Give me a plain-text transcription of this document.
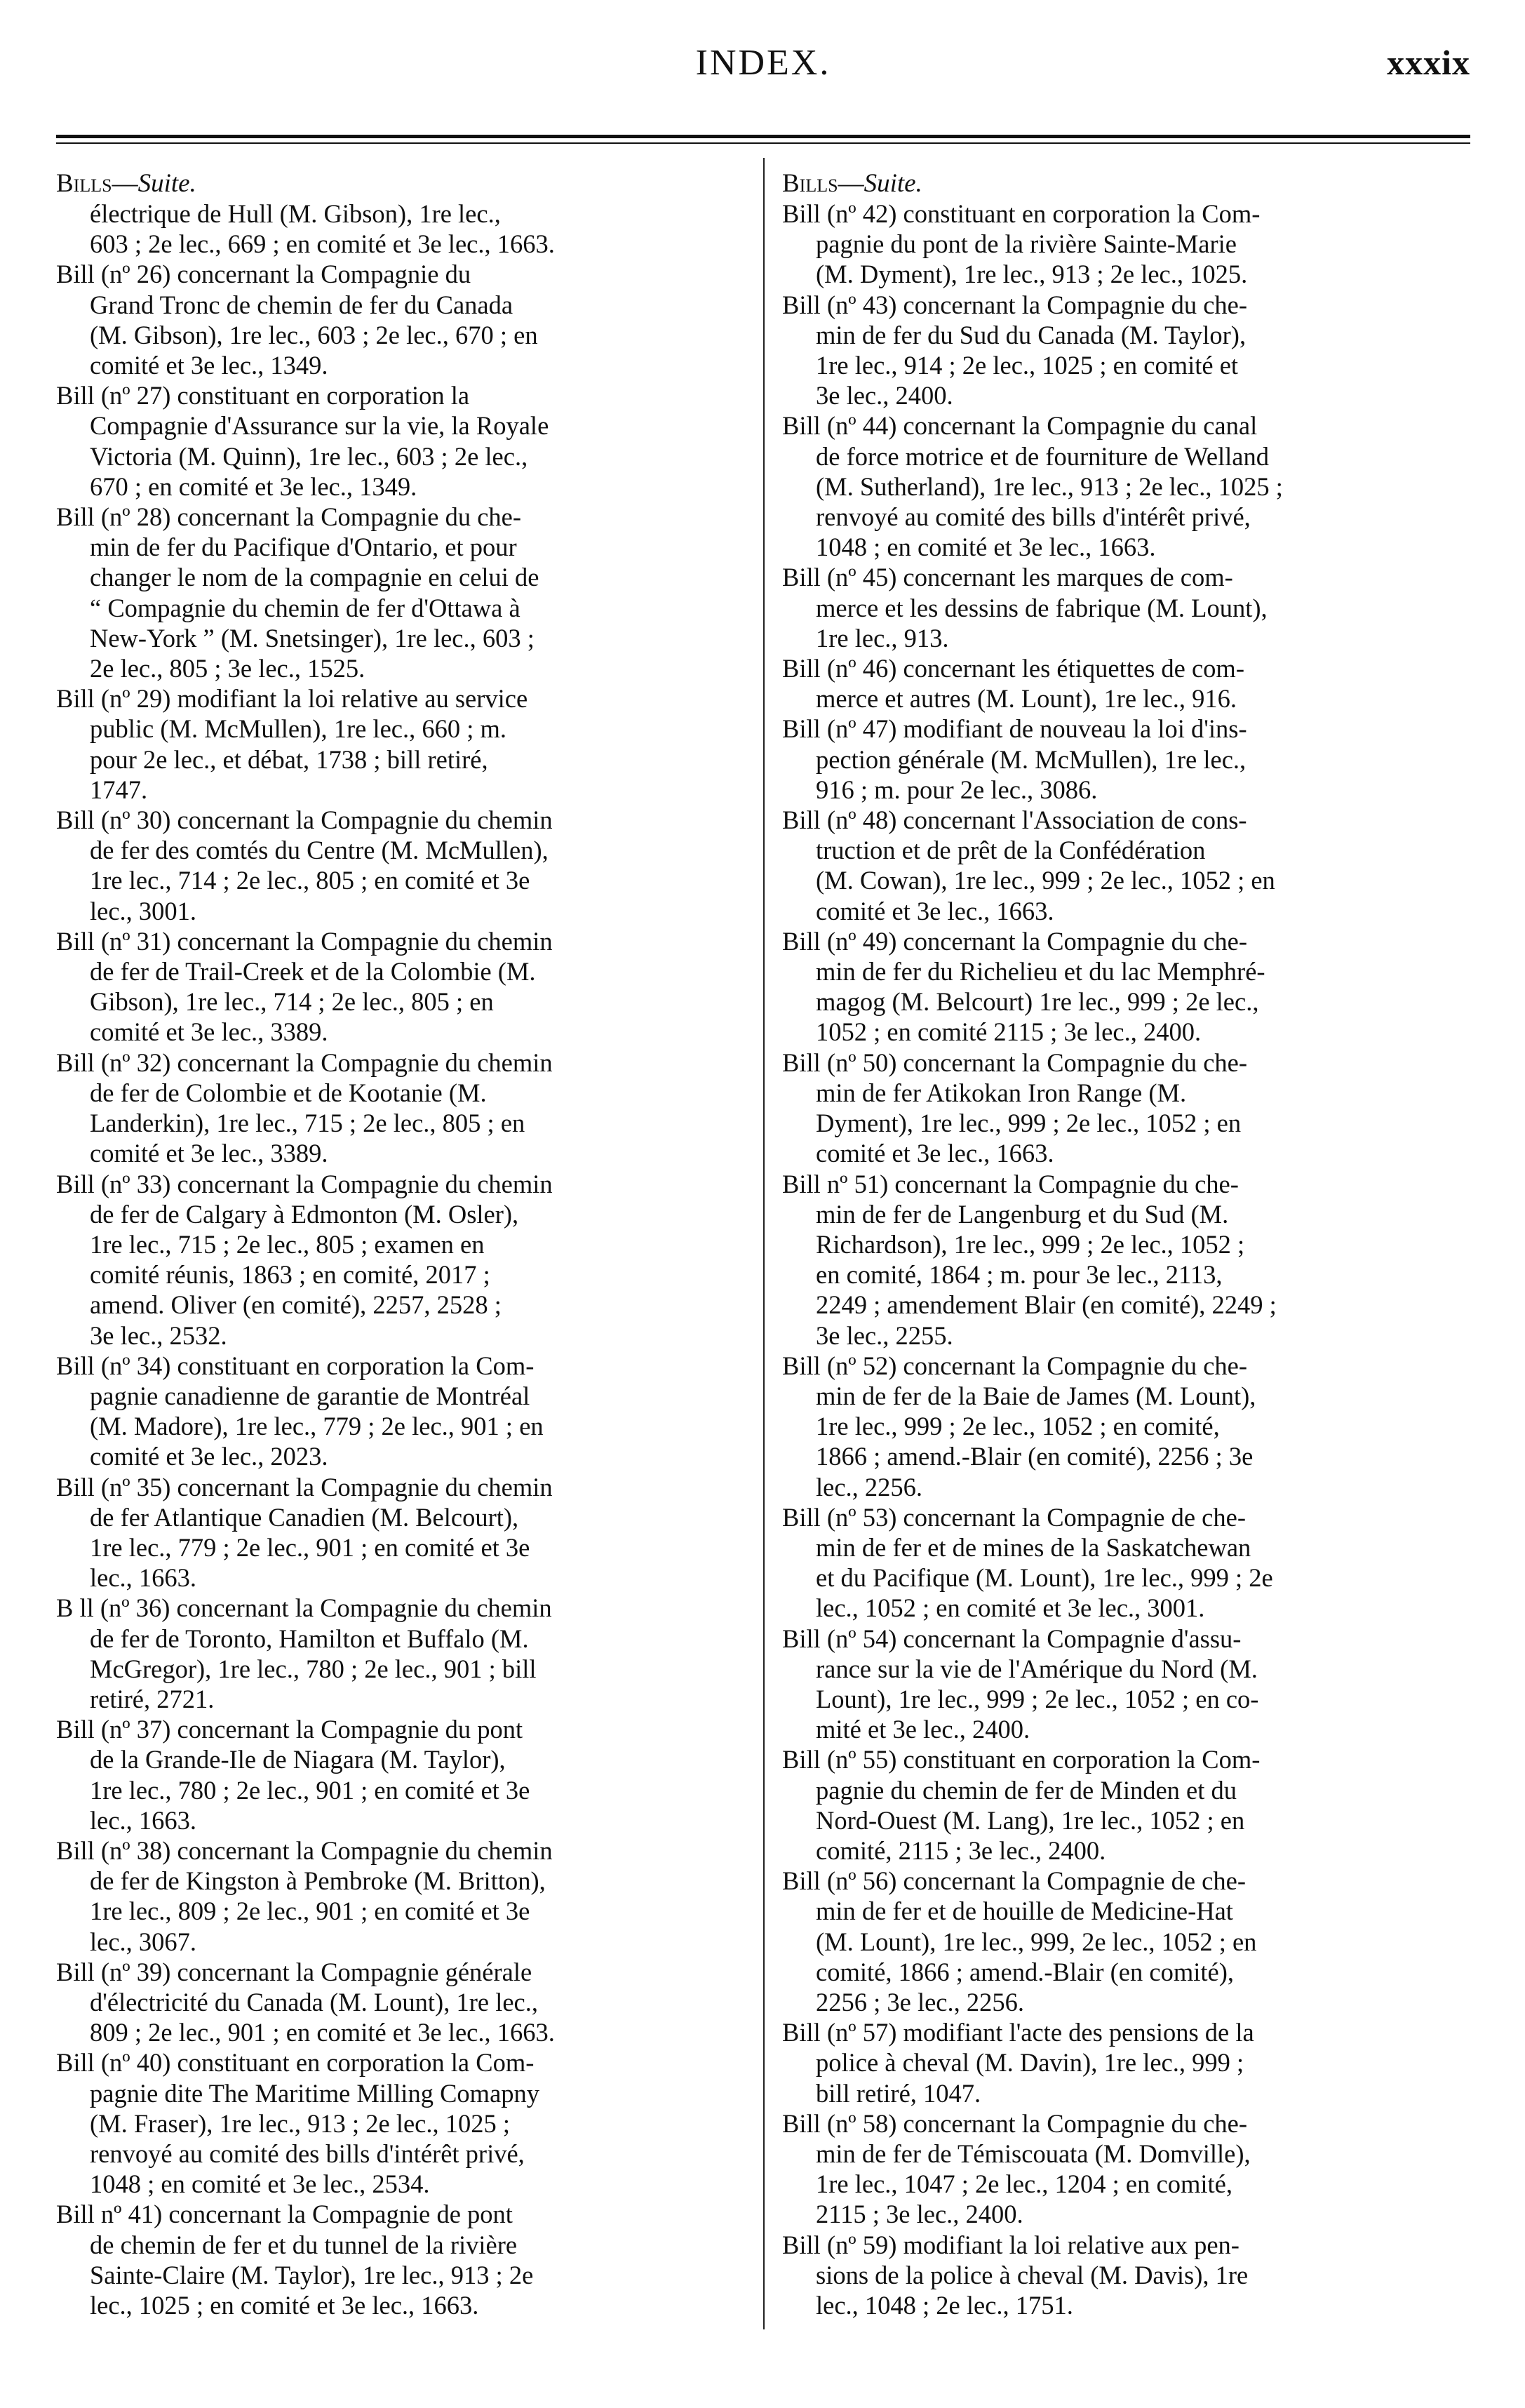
INDEX.	xxxix
Bills—Suite.
électrique de Hull (M. Gibson), 1re lec.,
603 ; 2e lec., 669 ; en comité et 3e lec., 1663.
Bill (nº 26) concernant la Compagnie du
Grand Tronc de chemin de fer du Canada
(M. Gibson), 1re lec., 603 ; 2e lec., 670 ; en
comité et 3e lec., 1349.
Bill (nº 27) constituant en corporation la
Compagnie d'Assurance sur la vie, la Royale
Victoria (M. Quinn), 1re lec., 603 ; 2e lec.,
670 ; en comité et 3e lec., 1349.
Bill (nº 28) concernant la Compagnie du che-
min de fer du Pacifique d'Ontario, et pour
changer le nom de la compagnie en celui de
“ Compagnie du chemin de fer d'Ottawa à
New-York ” (M. Snetsinger), 1re lec., 603 ;
2e lec., 805 ; 3e lec., 1525.
Bill (nº 29) modifiant la loi relative au service
public (M. McMullen), 1re lec., 660 ; m.
pour 2e lec., et débat, 1738 ; bill retiré,
1747.
Bill (nº 30) concernant la Compagnie du chemin
de fer des comtés du Centre (M. McMullen),
1re lec., 714 ; 2e lec., 805 ; en comité et 3e
lec., 3001.
Bill (nº 31) concernant la Compagnie du chemin
de fer de Trail-Creek et de la Colombie (M.
Gibson), 1re lec., 714 ; 2e lec., 805 ; en
comité et 3e lec., 3389.
Bill (nº 32) concernant la Compagnie du chemin
de fer de Colombie et de Kootanie (M.
Landerkin), 1re lec., 715 ; 2e lec., 805 ; en
comité et 3e lec., 3389.
Bill (nº 33) concernant la Compagnie du chemin
de fer de Calgary à Edmonton (M. Osler),
1re lec., 715 ; 2e lec., 805 ; examen en
comité réunis, 1863 ; en comité, 2017 ;
amend. Oliver (en comité), 2257, 2528 ;
3e lec., 2532.
Bill (nº 34) constituant en corporation la Com-
pagnie canadienne de garantie de Montréal
(M. Madore), 1re lec., 779 ; 2e lec., 901 ; en
comité et 3e lec., 2023.
Bill (nº 35) concernant la Compagnie du chemin
de fer Atlantique Canadien (M. Belcourt),
1re lec., 779 ; 2e lec., 901 ; en comité et 3e
lec., 1663.
B ll (nº 36) concernant la Compagnie du chemin
de fer de Toronto, Hamilton et Buffalo (M.
McGregor), 1re lec., 780 ; 2e lec., 901 ; bill
retiré, 2721.
Bill (nº 37) concernant la Compagnie du pont
de la Grande-Ile de Niagara (M. Taylor),
1re lec., 780 ; 2e lec., 901 ; en comité et 3e
lec., 1663.
Bill (nº 38) concernant la Compagnie du chemin
de fer de Kingston à Pembroke (M. Britton),
1re lec., 809 ; 2e lec., 901 ; en comité et 3e
lec., 3067.
Bill (nº 39) concernant la Compagnie générale
d'électricité du Canada (M. Lount), 1re lec.,
809 ; 2e lec., 901 ; en comité et 3e lec., 1663.
Bill (nº 40) constituant en corporation la Com-
pagnie dite The Maritime Milling Comapny
(M. Fraser), 1re lec., 913 ; 2e lec., 1025 ;
renvoyé au comité des bills d'intérêt privé,
1048 ; en comité et 3e lec., 2534.
Bill nº 41) concernant la Compagnie de pont
de chemin de fer et du tunnel de la rivière
Sainte-Claire (M. Taylor), 1re lec., 913 ; 2e
lec., 1025 ; en comité et 3e lec., 1663.
Bills—Suite.
Bill (nº 42) constituant en corporation la Com-
pagnie du pont de la rivière Sainte-Marie
(M. Dyment), 1re lec., 913 ; 2e lec., 1025.
Bill (nº 43) concernant la Compagnie du che-
min de fer du Sud du Canada (M. Taylor),
1re lec., 914 ; 2e lec., 1025 ; en comité et
3e lec., 2400.
Bill (nº 44) concernant la Compagnie du canal
de force motrice et de fourniture de Welland
(M. Sutherland), 1re lec., 913 ; 2e lec., 1025 ;
renvoyé au comité des bills d'intérêt privé,
1048 ; en comité et 3e lec., 1663.
Bill (nº 45) concernant les marques de com-
merce et les dessins de fabrique (M. Lount),
1re lec., 913.
Bill (nº 46) concernant les étiquettes de com-
merce et autres (M. Lount), 1re lec., 916.
Bill (nº 47) modifiant de nouveau la loi d'ins-
pection générale (M. McMullen), 1re lec.,
916 ; m. pour 2e lec., 3086.
Bill (nº 48) concernant l'Association de cons-
truction et de prêt de la Confédération
(M. Cowan), 1re lec., 999 ; 2e lec., 1052 ; en
comité et 3e lec., 1663.
Bill (nº 49) concernant la Compagnie du che-
min de fer du Richelieu et du lac Memphré-
magog (M. Belcourt) 1re lec., 999 ; 2e lec.,
1052 ; en comité 2115 ; 3e lec., 2400.
Bill (nº 50) concernant la Compagnie du che-
min de fer Atikokan Iron Range (M.
Dyment), 1re lec., 999 ; 2e lec., 1052 ; en
comité et 3e lec., 1663.
Bill nº 51) concernant la Compagnie du che-
min de fer de Langenburg et du Sud (M.
Richardson), 1re lec., 999 ; 2e lec., 1052 ;
en comité, 1864 ; m. pour 3e lec., 2113,
2249 ; amendement Blair (en comité), 2249 ;
3e lec., 2255.
Bill (nº 52) concernant la Compagnie du che-
min de fer de la Baie de James (M. Lount),
1re lec., 999 ; 2e lec., 1052 ; en comité,
1866 ; amend.-Blair (en comité), 2256 ; 3e
lec., 2256.
Bill (nº 53) concernant la Compagnie de che-
min de fer et de mines de la Saskatchewan
et du Pacifique (M. Lount), 1re lec., 999 ; 2e
lec., 1052 ; en comité et 3e lec., 3001.
Bill (nº 54) concernant la Compagnie d'assu-
rance sur la vie de l'Amérique du Nord (M.
Lount), 1re lec., 999 ; 2e lec., 1052 ; en co-
mité et 3e lec., 2400.
Bill (nº 55) constituant en corporation la Com-
pagnie du chemin de fer de Minden et du
Nord-Ouest (M. Lang), 1re lec., 1052 ; en
comité, 2115 ; 3e lec., 2400.
Bill (nº 56) concernant la Compagnie de che-
min de fer et de houille de Medicine-Hat
(M. Lount), 1re lec., 999, 2e lec., 1052 ; en
comité, 1866 ; amend.-Blair (en comité),
2256 ; 3e lec., 2256.
Bill (nº 57) modifiant l'acte des pensions de la
police à cheval (M. Davin), 1re lec., 999 ;
bill retiré, 1047.
Bill (nº 58) concernant la Compagnie du che-
min de fer de Témiscouata (M. Domville),
1re lec., 1047 ; 2e lec., 1204 ; en comité,
2115 ; 3e lec., 2400.
Bill (nº 59) modifiant la loi relative aux pen-
sions de la police à cheval (M. Davis), 1re
lec., 1048 ; 2e lec., 1751.
